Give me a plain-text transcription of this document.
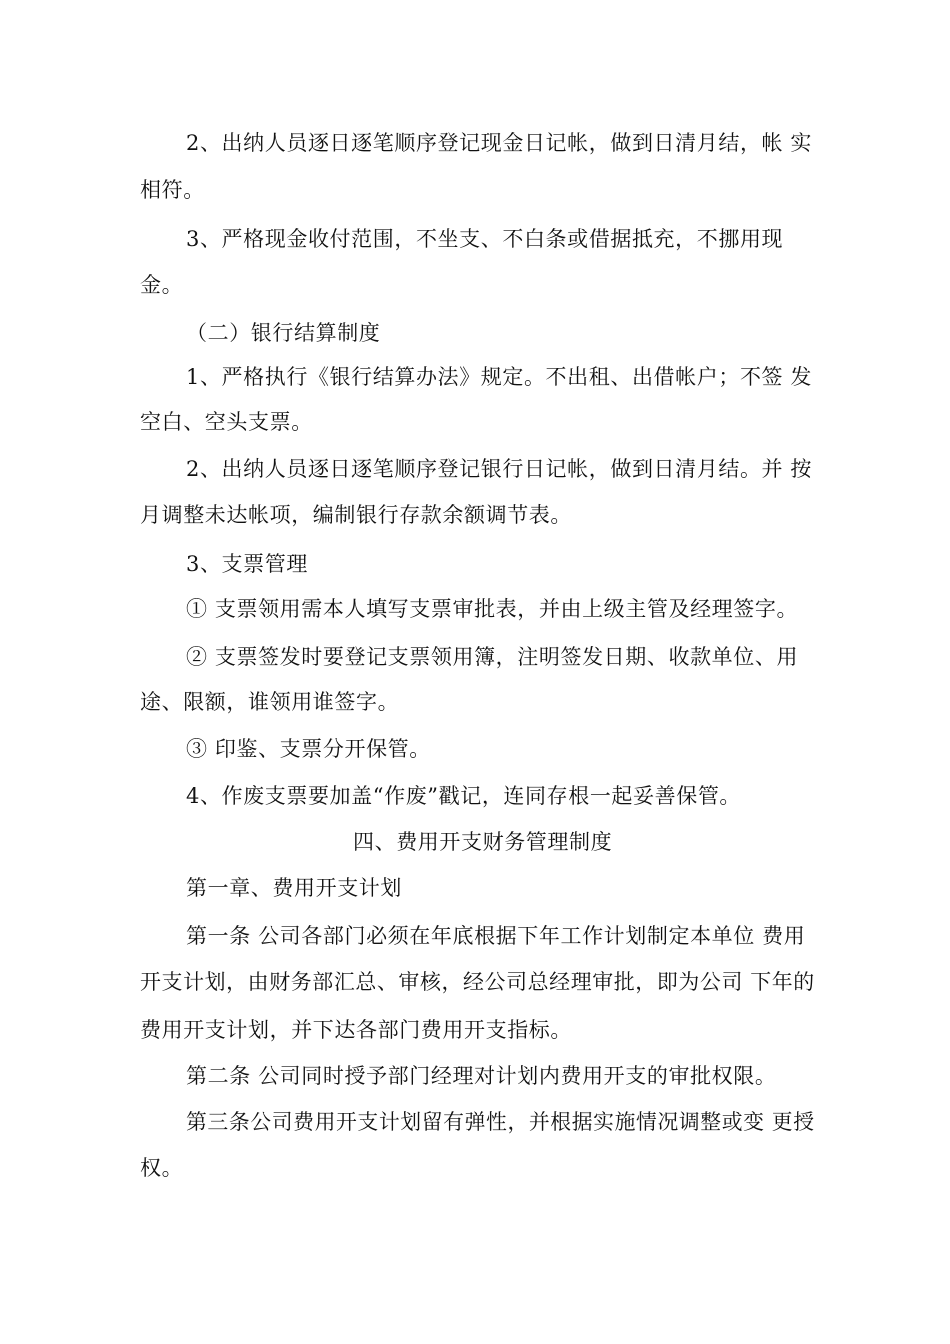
2、出纳人员逐日逐笔顺序登记现金日记帐，做到日清月结，帐 实
相符。
3、严格现金收付范围，不坐支、不白条或借据抵充，不挪用现
金。
（二）银行结算制度
1、严格执行《银行结算办法》规定。不出租、出借帐户；不签 发
空白、空头支票。
2、出纳人员逐日逐笔顺序登记银行日记帐，做到日清月结。并 按
月调整未达帐项，编制银行存款余额调节表。
3、支票管理
① 支票领用需本人填写支票审批表，并由上级主管及经理签字。
② 支票签发时要登记支票领用簿，注明签发日期、收款单位、用
途、限额，谁领用谁签字。
③ 印鉴、支票分开保管。
4、作废支票要加盖“作废”戳记，连同存根一起妥善保管。
四、费用开支财务管理制度
第一章、费用开支计划
第一条 公司各部门必须在年底根据下年工作计划制定本单位 费用
开支计划，由财务部汇总、审核，经公司总经理审批，即为公司 下年的
费用开支计划，并下达各部门费用开支指标。
第二条 公司同时授予部门经理对计划内费用开支的审批权限。
第三条公司费用开支计划留有弹性，并根据实施情况调整或变 更授
权。
